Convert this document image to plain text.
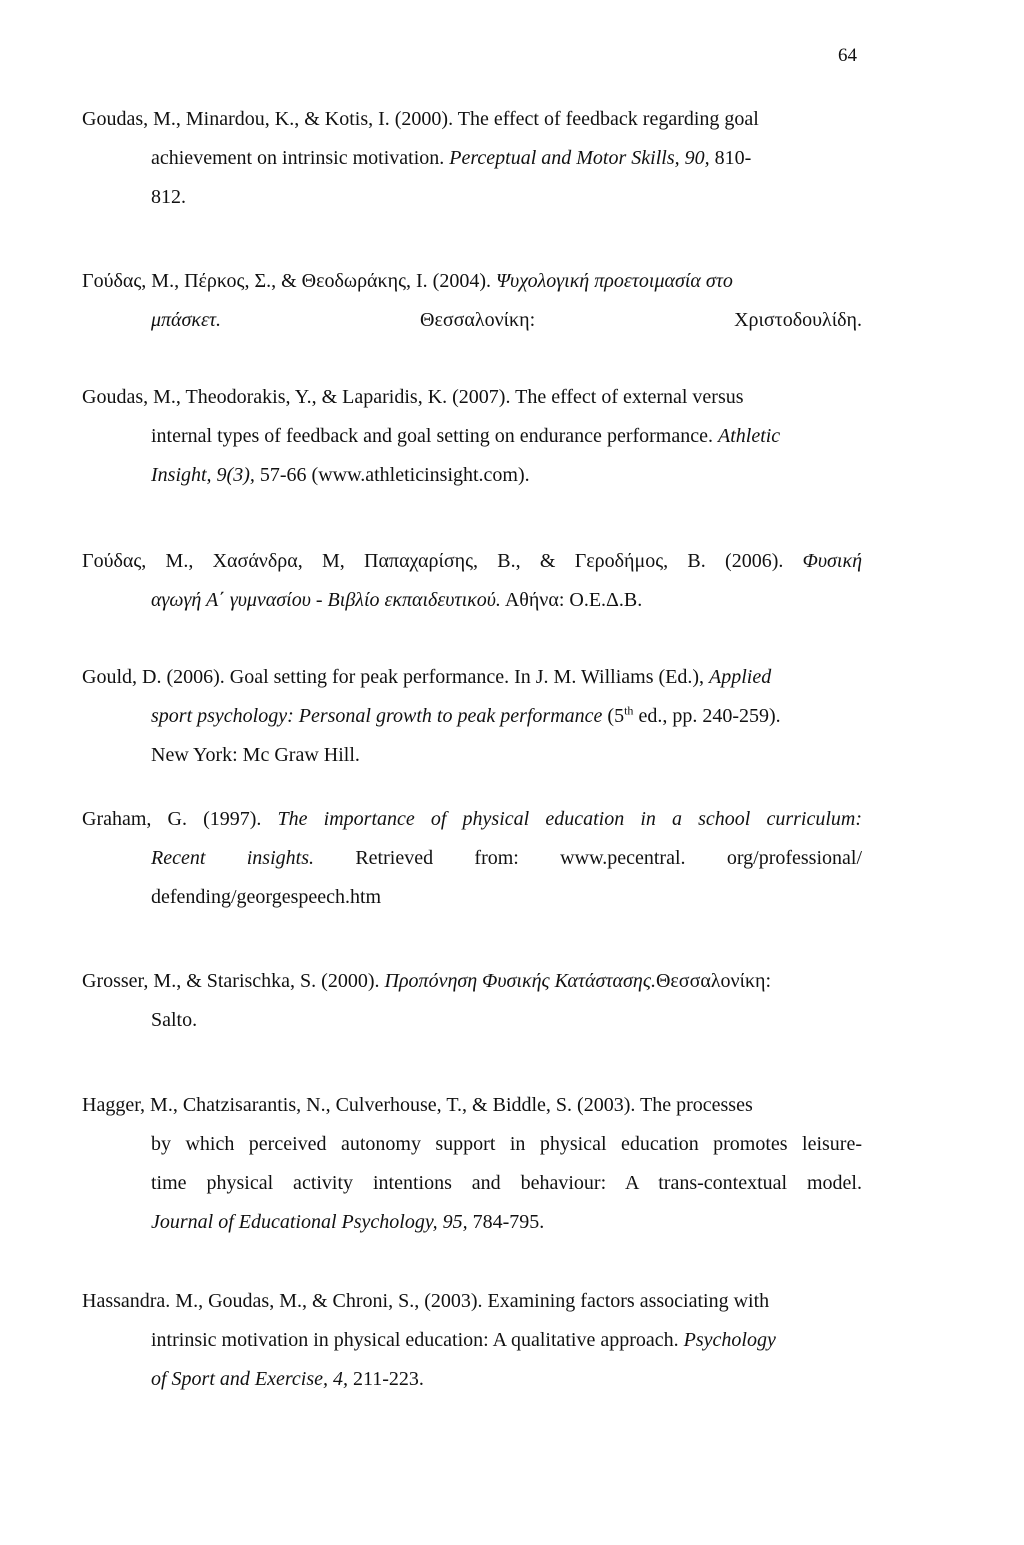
64
Goudas, M., Minardou, K., & Kotis, I. (2000). The effect of feedback regarding goal
achievement on intrinsic motivation. Perceptual and Motor Skills, 90, 810-
812.
Γούδας, Μ., Πέρκος, Σ., & Θεοδωράκης, Ι. (2004). Ψυχολογική προετοιμασία στο
μπάσκετ. Θεσσαλονίκη: Χριστοδουλίδη.
Goudas, M., Theodorakis, Y., & Laparidis, K. (2007). The effect of external versus
internal types of feedback and goal setting on endurance performance. Athletic
Insight, 9(3), 57-66 (www.athleticinsight.com).
Γούδας, Μ., Χασάνδρα, Μ, Παπαχαρίσης, Β., & Γεροδήμος, Β. (2006). Φυσική
αγωγή Α΄ γυμνασίου - Βιβλίο εκπαιδευτικού. Αθήνα: Ο.Ε.Δ.Β.
Gould, D. (2006). Goal setting for peak performance. In J. M. Williams (Ed.), Applied
sport psychology: Personal growth to peak performance (5th ed., pp. 240-259).
New York: Mc Graw Hill.
Graham, G. (1997). The importance of physical education in a school curriculum:
Recent insights. Retrieved from: www.pecentral. org/professional/
defending/georgespeech.htm
Grosser, M., & Starischka, S. (2000). Προπόνηση Φυσικής Κατάστασης.Θεσσαλονίκη:
Salto.
Hagger, M., Chatzisarantis, N., Culverhouse, T., & Biddle, S. (2003). The processes
by which perceived autonomy support in physical education promotes leisure-
time physical activity intentions and behaviour: A trans-contextual model.
Journal of Educational Psychology, 95, 784-795.
Hassandra. M., Goudas, M., & Chroni, S., (2003). Examining factors associating with
intrinsic motivation in physical education: A qualitative approach. Psychology
of Sport and Exercise, 4, 211-223.
